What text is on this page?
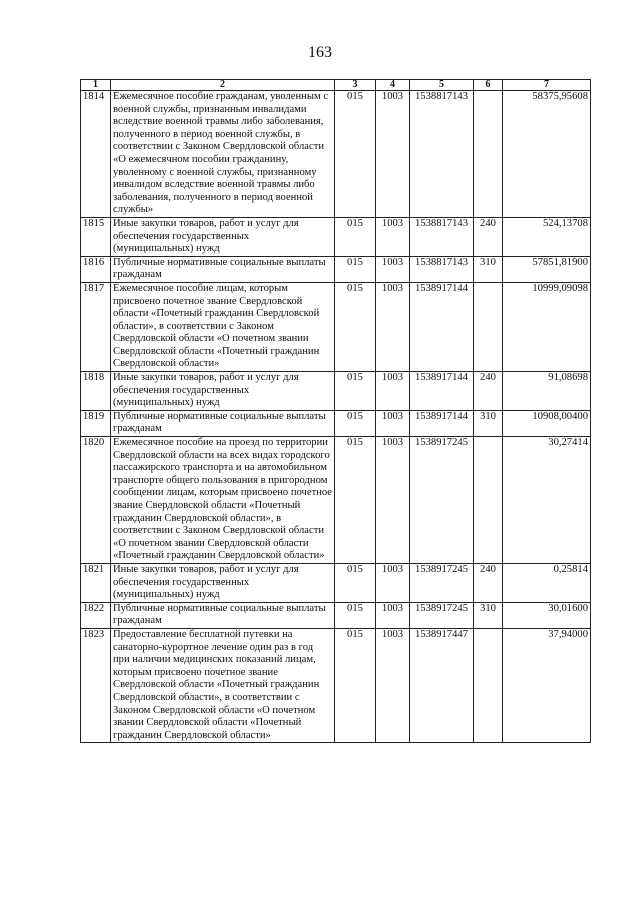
163
1	2	3	4	5	6	7
1814	Ежемесячное пособие гражданам, уволенным с военной службы, признанным инвалидами вследствие военной травмы либо заболевания, полученного в период военной службы, в соответствии с Законом Свердловской области «О ежемесячном пособии гражданину, уволенному с военной службы, признанному инвалидом вследствие военной травмы либо заболевания, полученного в период военной службы»	015	1003	1538817143		58375,95608
1815	Иные закупки товаров, работ и услуг для обеспечения государственных (муниципальных) нужд	015	1003	1538817143	240	524,13708
1816	Публичные нормативные социальные выплаты гражданам	015	1003	1538817143	310	57851,81900
1817	Ежемесячное пособие лицам, которым присвоено почетное звание Свердловской области «Почетный гражданин Свердловской области», в соответствии с Законом Свердловской области «О почетном звании Свердловской области «Почетный гражданин Свердловской области»	015	1003	1538917144		10999,09098
1818	Иные закупки товаров, работ и услуг для обеспечения государственных (муниципальных) нужд	015	1003	1538917144	240	91,08698
1819	Публичные нормативные социальные выплаты гражданам	015	1003	1538917144	310	10908,00400
1820	Ежемесячное пособие на проезд по территории Свердловской области на всех видах городского пассажирского транспорта и на автомобильном транспорте общего пользования в пригородном сообщении лицам, которым присвоено почетное звание Свердловской области «Почетный гражданин Свердловской области», в соответствии с Законом Свердловской области «О почетном звании Свердловской области «Почетный гражданин Свердловской области»	015	1003	1538917245		30,27414
1821	Иные закупки товаров, работ и услуг для обеспечения государственных (муниципальных) нужд	015	1003	1538917245	240	0,25814
1822	Публичные нормативные социальные выплаты гражданам	015	1003	1538917245	310	30,01600
1823	Предоставление бесплатной путевки на санаторно-курортное лечение один раз в год при наличии медицинских показаний лицам, которым присвоено почетное звание Свердловской области «Почетный гражданин Свердловской области», в соответствии с Законом Свердловской области «О почетном звании Свердловской области «Почетный гражданин Свердловской области»	015	1003	1538917447		37,94000
